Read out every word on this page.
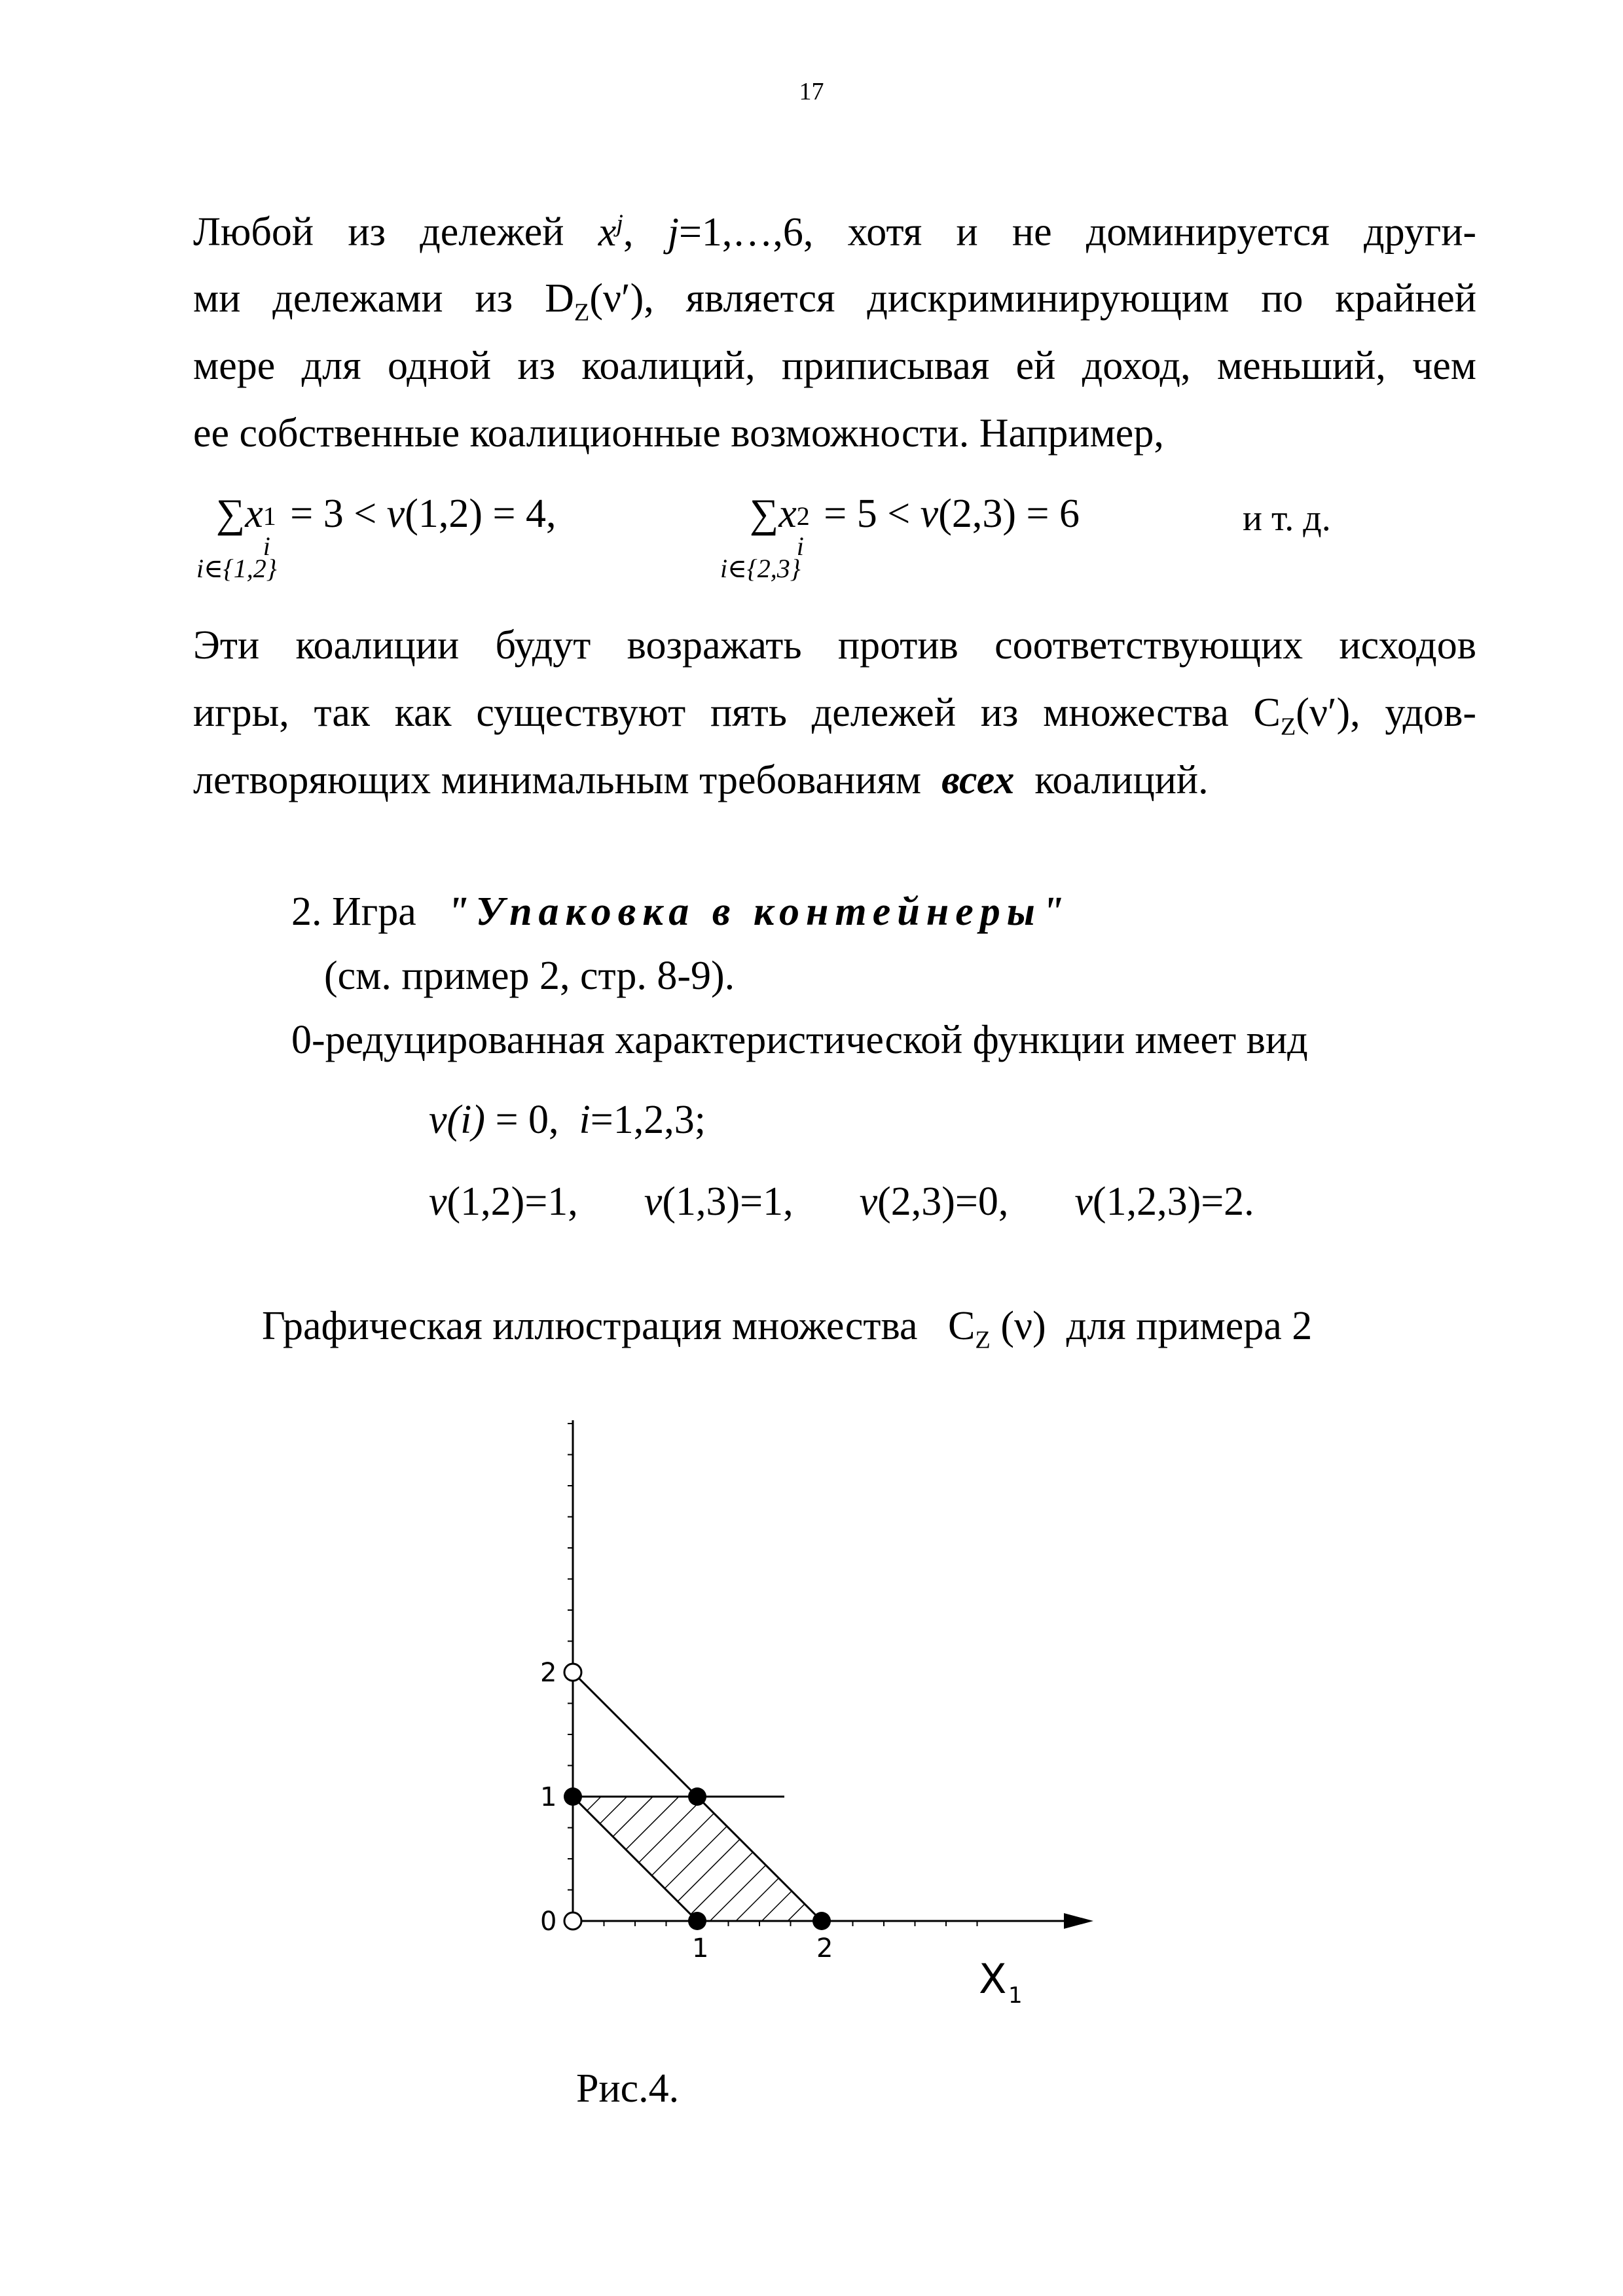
17
Любой из дележей $x^j$, j=1,…,6, хотя и не доминируется други-
ми дележами из $D_Z(\nu')$, является дискриминирующим по крайней
мере для одной из коалиций, приписывая ей доход, меньший, чем
ее собственные коалиционные возможности. Например,
∑x 1
i
= 3 < ν(1,2) = 4,
i∈{1,2}
∑x 2
i
= 5 < ν(2,3) = 6
i∈{2,3}
и т. д.
Эти коалиции будут возражать против соответствующих исходов
игры, так как существуют пять дележей из множества $C_Z(\nu')$, удов-
летворяющих минимальным требованиям всех коалиций.
2. Игра "Упаковка в контейнеры"
(см. пример 2, стр. 8-9).
0-редуцированная характеристической функции имеет вид
ν(i) = 0, i=1,2,3;
ν(1,2)=1, ν(1,3)=1, ν(2,3)=0, ν(1,2,3)=2.
Графическая иллюстрация множества $C_Z$ (ν) для примера 2
1	2
0
1
2
X 1
Рис.4.
